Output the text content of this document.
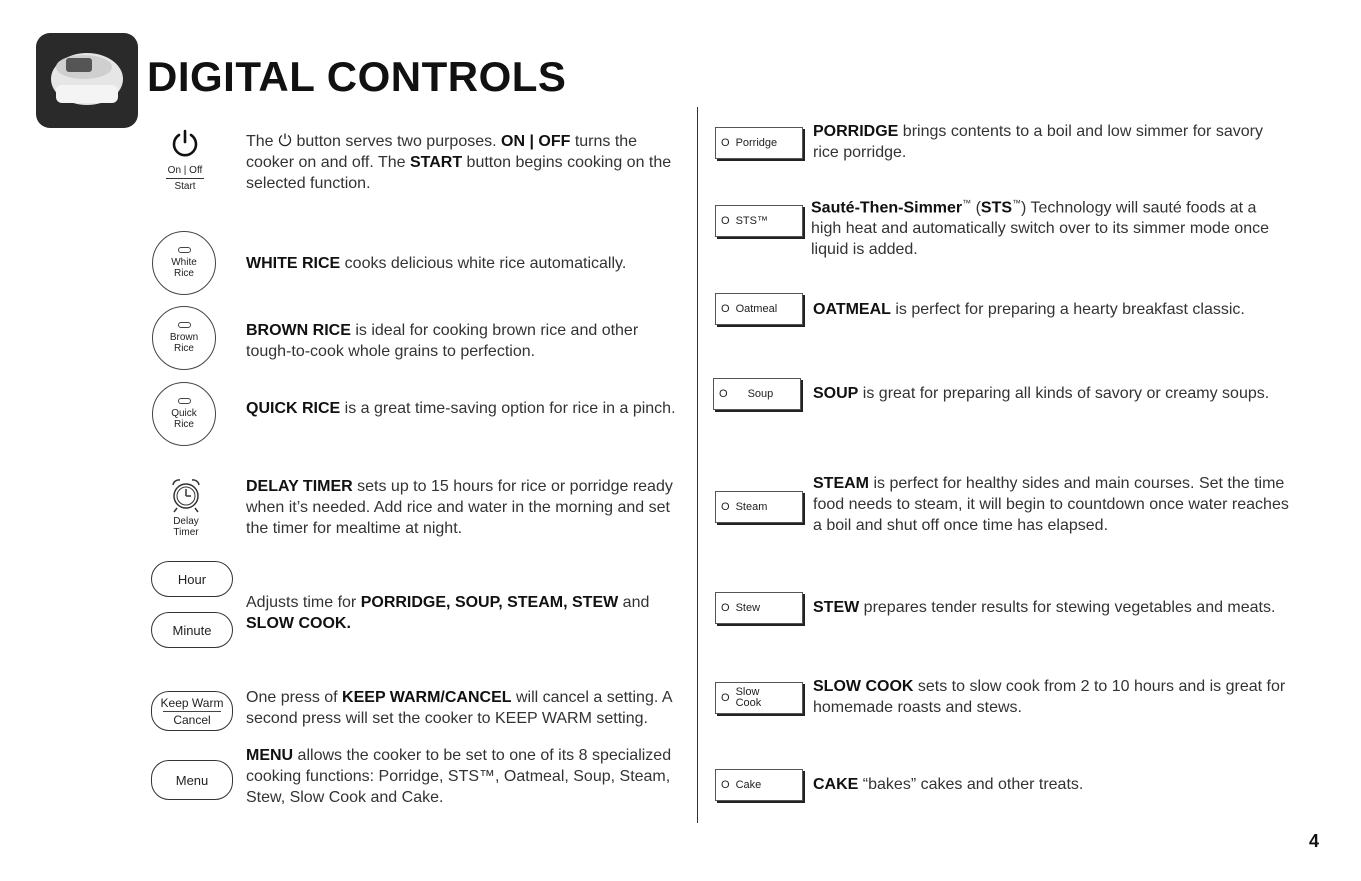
DIGITAL CONTROLS
On | Off
Start
The  button serves two purposes. ON | OFF turns the cooker on and off. The START button begins cooking on the selected function.
White
Rice
WHITE RICE cooks delicious white rice automatically.
Brown
Rice
BROWN RICE is ideal for cooking brown rice and other tough-to-cook whole grains to perfection.
Quick
Rice
QUICK RICE is a great time-saving option for rice in a pinch.
Delay
Timer
DELAY TIMER sets up to 15 hours for rice or porridge ready when it’s needed. Add rice and water in the morning and set the timer for mealtime at night.
Hour
Minute
Adjusts time for PORRIDGE, SOUP, STEAM, STEW and SLOW COOK.
Keep Warm
Cancel
One press of KEEP WARM/CANCEL will cancel a setting. A second press will set the cooker to KEEP WARM setting.
Menu
MENU allows the cooker to be set to one of its 8 specialized cooking functions: Porridge, STS™, Oatmeal, Soup, Steam, Stew, Slow Cook and Cake.
O Porridge
PORRIDGE brings contents to a boil and low simmer for savory rice porridge.
O STS™
Sauté-Then-Simmer™ (STS™) Technology will sauté foods at a high heat and automatically switch over to its simmer mode once liquid is added.
O Oatmeal OATMEAL is perfect for preparing a hearty breakfast classic.
O Soup SOUP is great for preparing all kinds of savory or creamy soups.
O Steam
STEAM is perfect for healthy sides and main courses. Set the time food needs to steam, it will begin to countdown once water reaches a boil and shut off once time has elapsed.
O Stew	STEW prepares tender results for stewing vegetables and meats.
O Slow
Cook
SLOW COOK sets to slow cook from 2 to 10 hours and is great for homemade roasts and stews.
O Cake	CAKE “bakes” cakes and other treats.
4
